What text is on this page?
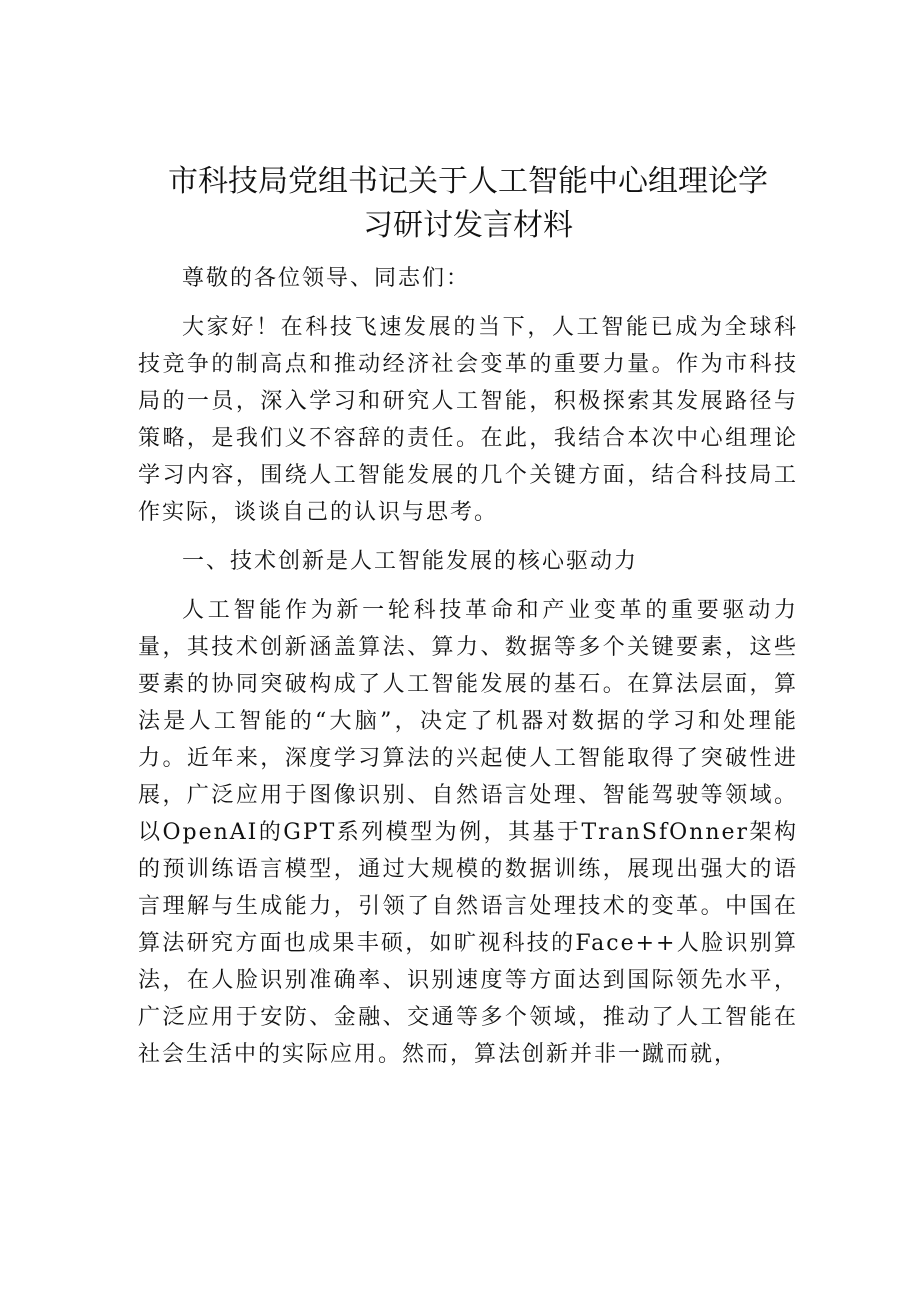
市科技局党组书记关于人工智能中心组理论学
习研讨发言材料

尊敬的各位领导、同志们：

大家好！在科技飞速发展的当下，人工智能已成为全球科技竞争的制高点和推动经济社会变革的重要力量。作为市科技局的一员，深入学习和研究人工智能，积极探索其发展路径与策略，是我们义不容辞的责任。在此，我结合本次中心组理论学习内容，围绕人工智能发展的几个关键方面，结合科技局工作实际，谈谈自己的认识与思考。

一、技术创新是人工智能发展的核心驱动力

人工智能作为新一轮科技革命和产业变革的重要驱动力量，其技术创新涵盖算法、算力、数据等多个关键要素，这些要素的协同突破构成了人工智能发展的基石。在算法层面，算法是人工智能的“大脑”，决定了机器对数据的学习和处理能力。近年来，深度学习算法的兴起使人工智能取得了突破性进展，广泛应用于图像识别、自然语言处理、智能驾驶等领域。以OpenAI的GPT系列模型为例，其基于TranSfOnner架构的预训练语言模型，通过大规模的数据训练，展现出强大的语言理解与生成能力，引领了自然语言处理技术的变革。中国在算法研究方面也成果丰硕，如旷视科技的Face++人脸识别算法，在人脸识别准确率、识别速度等方面达到国际领先水平，广泛应用于安防、金融、交通等多个领域，推动了人工智能在社会生活中的实际应用。然而，算法创新并非一蹴而就，
